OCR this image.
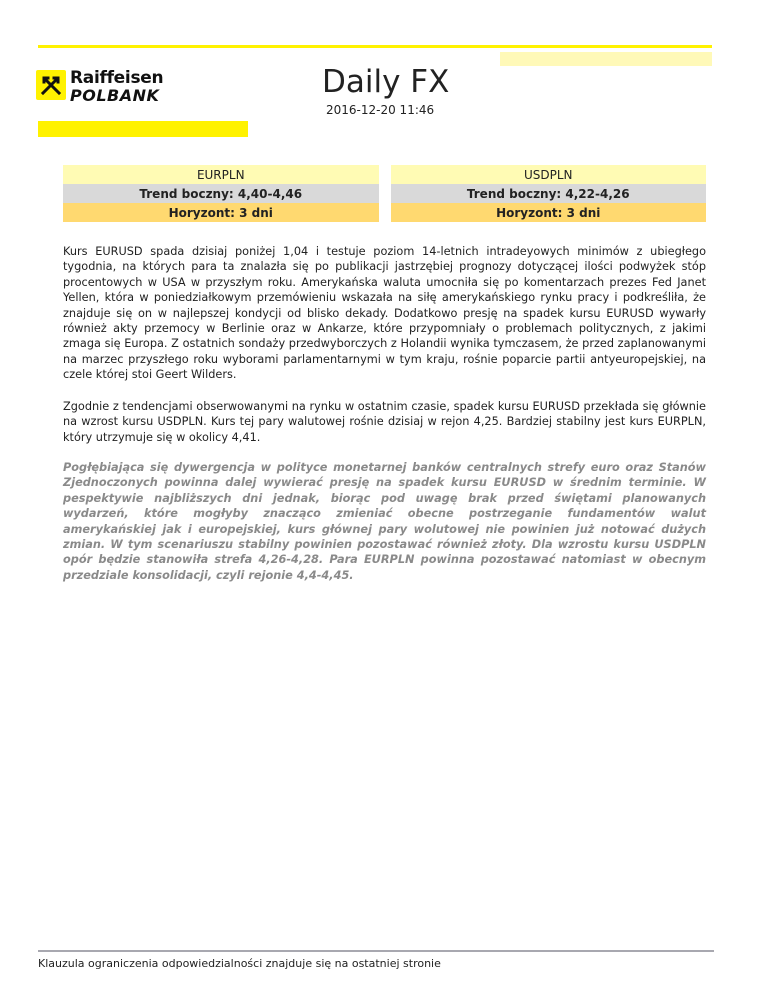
Raiffeisen
POLBANK	Daily FX
2016-12-20 11:46
EURPLN		USDPLN
Trend boczny: 4,40-4,46		Trend boczny: 4,22-4,26
Horyzont: 3 dni		Horyzont: 3 dni

Kurs EURUSD spada dzisiaj poniżej 1,04 i testuje poziom 14-letnich intradeyowych minimów z ubiegłego tygodnia, na których para ta znalazła się po publikacji jastrzębiej prognozy dotyczącej ilości podwyżek stóp procentowych w USA w przyszłym roku. Amerykańska waluta umocniła się po komentarzach prezes Fed Janet Yellen, która w poniedziałkowym przemówieniu wskazała na siłę amerykańskiego rynku pracy i podkreśliła, że znajduje się on w najlepszej kondycji od blisko dekady. Dodatkowo presję na spadek kursu EURUSD wywarły również akty przemocy w Berlinie oraz w Ankarze, które przypomniały o problemach politycznych, z jakimi zmaga się Europa. Z ostatnich sondaży przedwyborczych z Holandii wynika tymczasem, że przed zaplanowanymi na marzec przyszłego roku wyborami parlamentarnymi w tym kraju, rośnie poparcie partii antyeuropejskiej, na czele której stoi Geert Wilders.

Zgodnie z tendencjami obserwowanymi na rynku w ostatnim czasie, spadek kursu EURUSD przekłada się głównie na wzrost kursu USDPLN. Kurs tej pary walutowej rośnie dzisiaj w rejon 4,25. Bardziej stabilny jest kurs EURPLN, który utrzymuje się w okolicy 4,41.

Pogłębiająca się dywergencja w polityce monetarnej banków centralnych strefy euro oraz Stanów Zjednoczonych powinna dalej wywierać presję na spadek kursu EURUSD w średnim terminie. W pespektywie najbliższych dni jednak, biorąc pod uwagę brak przed świętami planowanych wydarzeń, które mogłyby znacząco zmieniać obecne postrzeganie fundamentów walut amerykańskiej jak i europejskiej, kurs głównej pary wolutowej nie powinien już notować dużych zmian. W tym scenariuszu stabilny powinien pozostawać również złoty. Dla wzrostu kursu USDPLN opór będzie stanowiła strefa 4,26-4,28. Para EURPLN powinna pozostawać natomiast w obecnym przedziale konsolidacji, czyli rejonie 4,4-4,45.

Klauzula ograniczenia odpowiedzialności znajduje się na ostatniej stronie
